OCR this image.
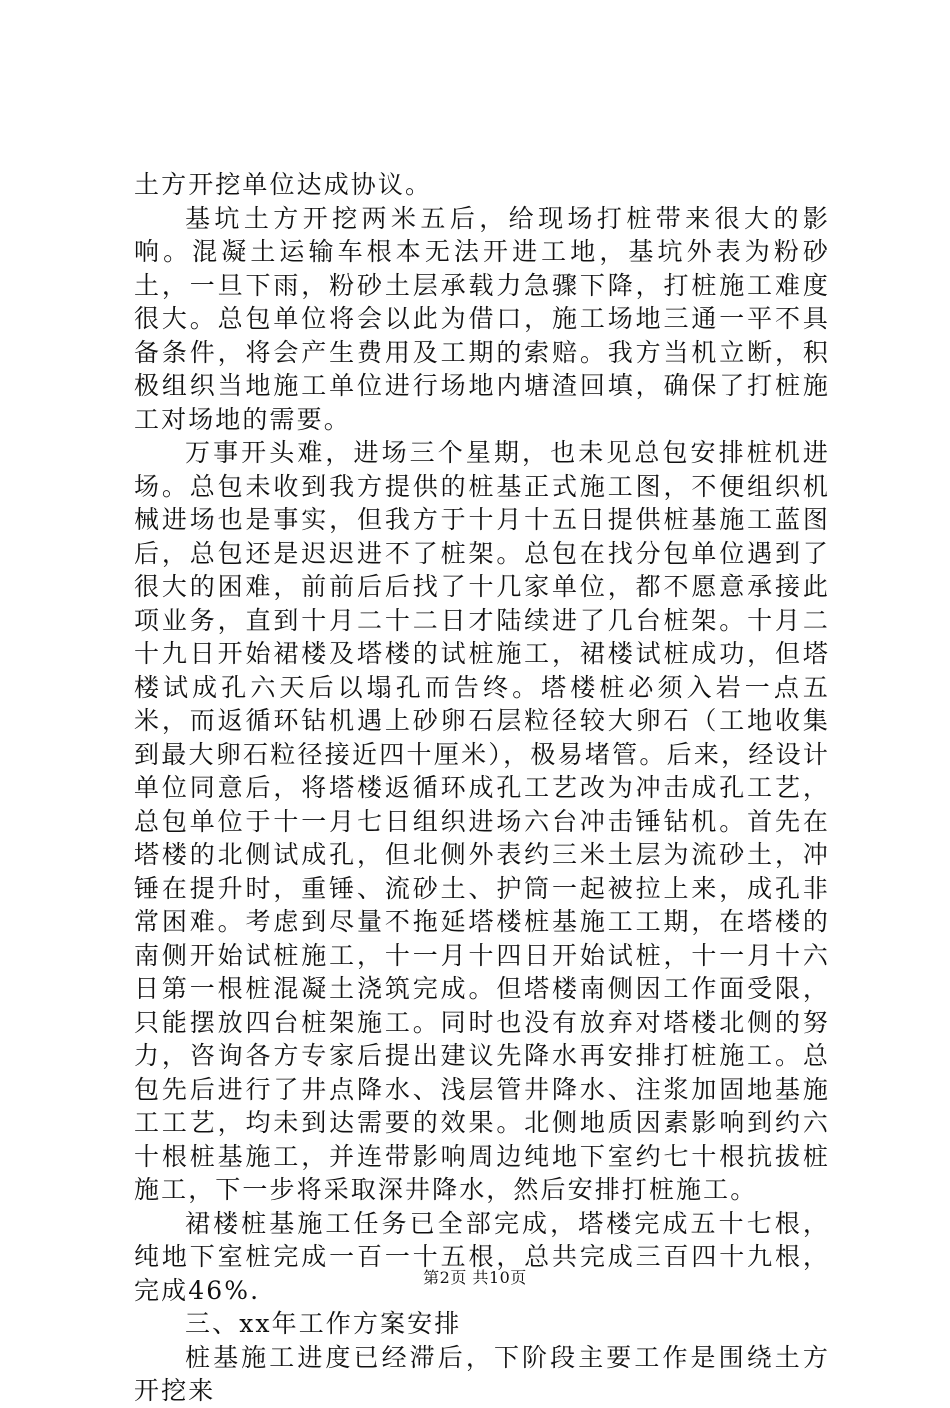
土方开挖单位达成协议。

基坑土方开挖两米五后，给现场打桩带来很大的影响。混凝土运输车根本无法开进工地，基坑外表为粉砂土，一旦下雨，粉砂土层承载力急骤下降，打桩施工难度很大。总包单位将会以此为借口，施工场地三通一平不具备条件，将会产生费用及工期的索赔。我方当机立断，积极组织当地施工单位进行场地内塘渣回填，确保了打桩施工对场地的需要。

万事开头难，进场三个星期，也未见总包安排桩机进场。总包未收到我方提供的桩基正式施工图，不便组织机械进场也是事实，但我方于十月十五日提供桩基施工蓝图后，总包还是迟迟进不了桩架。总包在找分包单位遇到了很大的困难，前前后后找了十几家单位，都不愿意承接此项业务，直到十月二十二日才陆续进了几台桩架。十月二十九日开始裙楼及塔楼的试桩施工，裙楼试桩成功，但塔楼试成孔六天后以塌孔而告终。塔楼桩必须入岩一点五米，而返循环钻机遇上砂卵石层粒径较大卵石（工地收集到最大卵石粒径接近四十厘米），极易堵管。后来，经设计单位同意后，将塔楼返循环成孔工艺改为冲击成孔工艺，总包单位于十一月七日组织进场六台冲击锤钻机。首先在塔楼的北侧试成孔，但北侧外表约三米土层为流砂土，冲锤在提升时，重锤、流砂土、护筒一起被拉上来，成孔非常困难。考虑到尽量不拖延塔楼桩基施工工期，在塔楼的南侧开始试桩施工，十一月十四日开始试桩，十一月十六日第一根桩混凝土浇筑完成。但塔楼南侧因工作面受限，只能摆放四台桩架施工。同时也没有放弃对塔楼北侧的努力，咨询各方专家后提出建议先降水再安排打桩施工。总包先后进行了井点降水、浅层管井降水、注浆加固地基施工工艺，均未到达需要的效果。北侧地质因素影响到约六十根桩基施工，并连带影响周边纯地下室约七十根抗拔桩施工，下一步将采取深井降水，然后安排打桩施工。

裙楼桩基施工任务已全部完成，塔楼完成五十七根，纯地下室桩完成一百一十五根，总共完成三百四十九根，完成46%.

三、xx年工作方案安排

桩基施工进度已经滞后，下阶段主要工作是围绕土方开挖来

第2页 共10页
